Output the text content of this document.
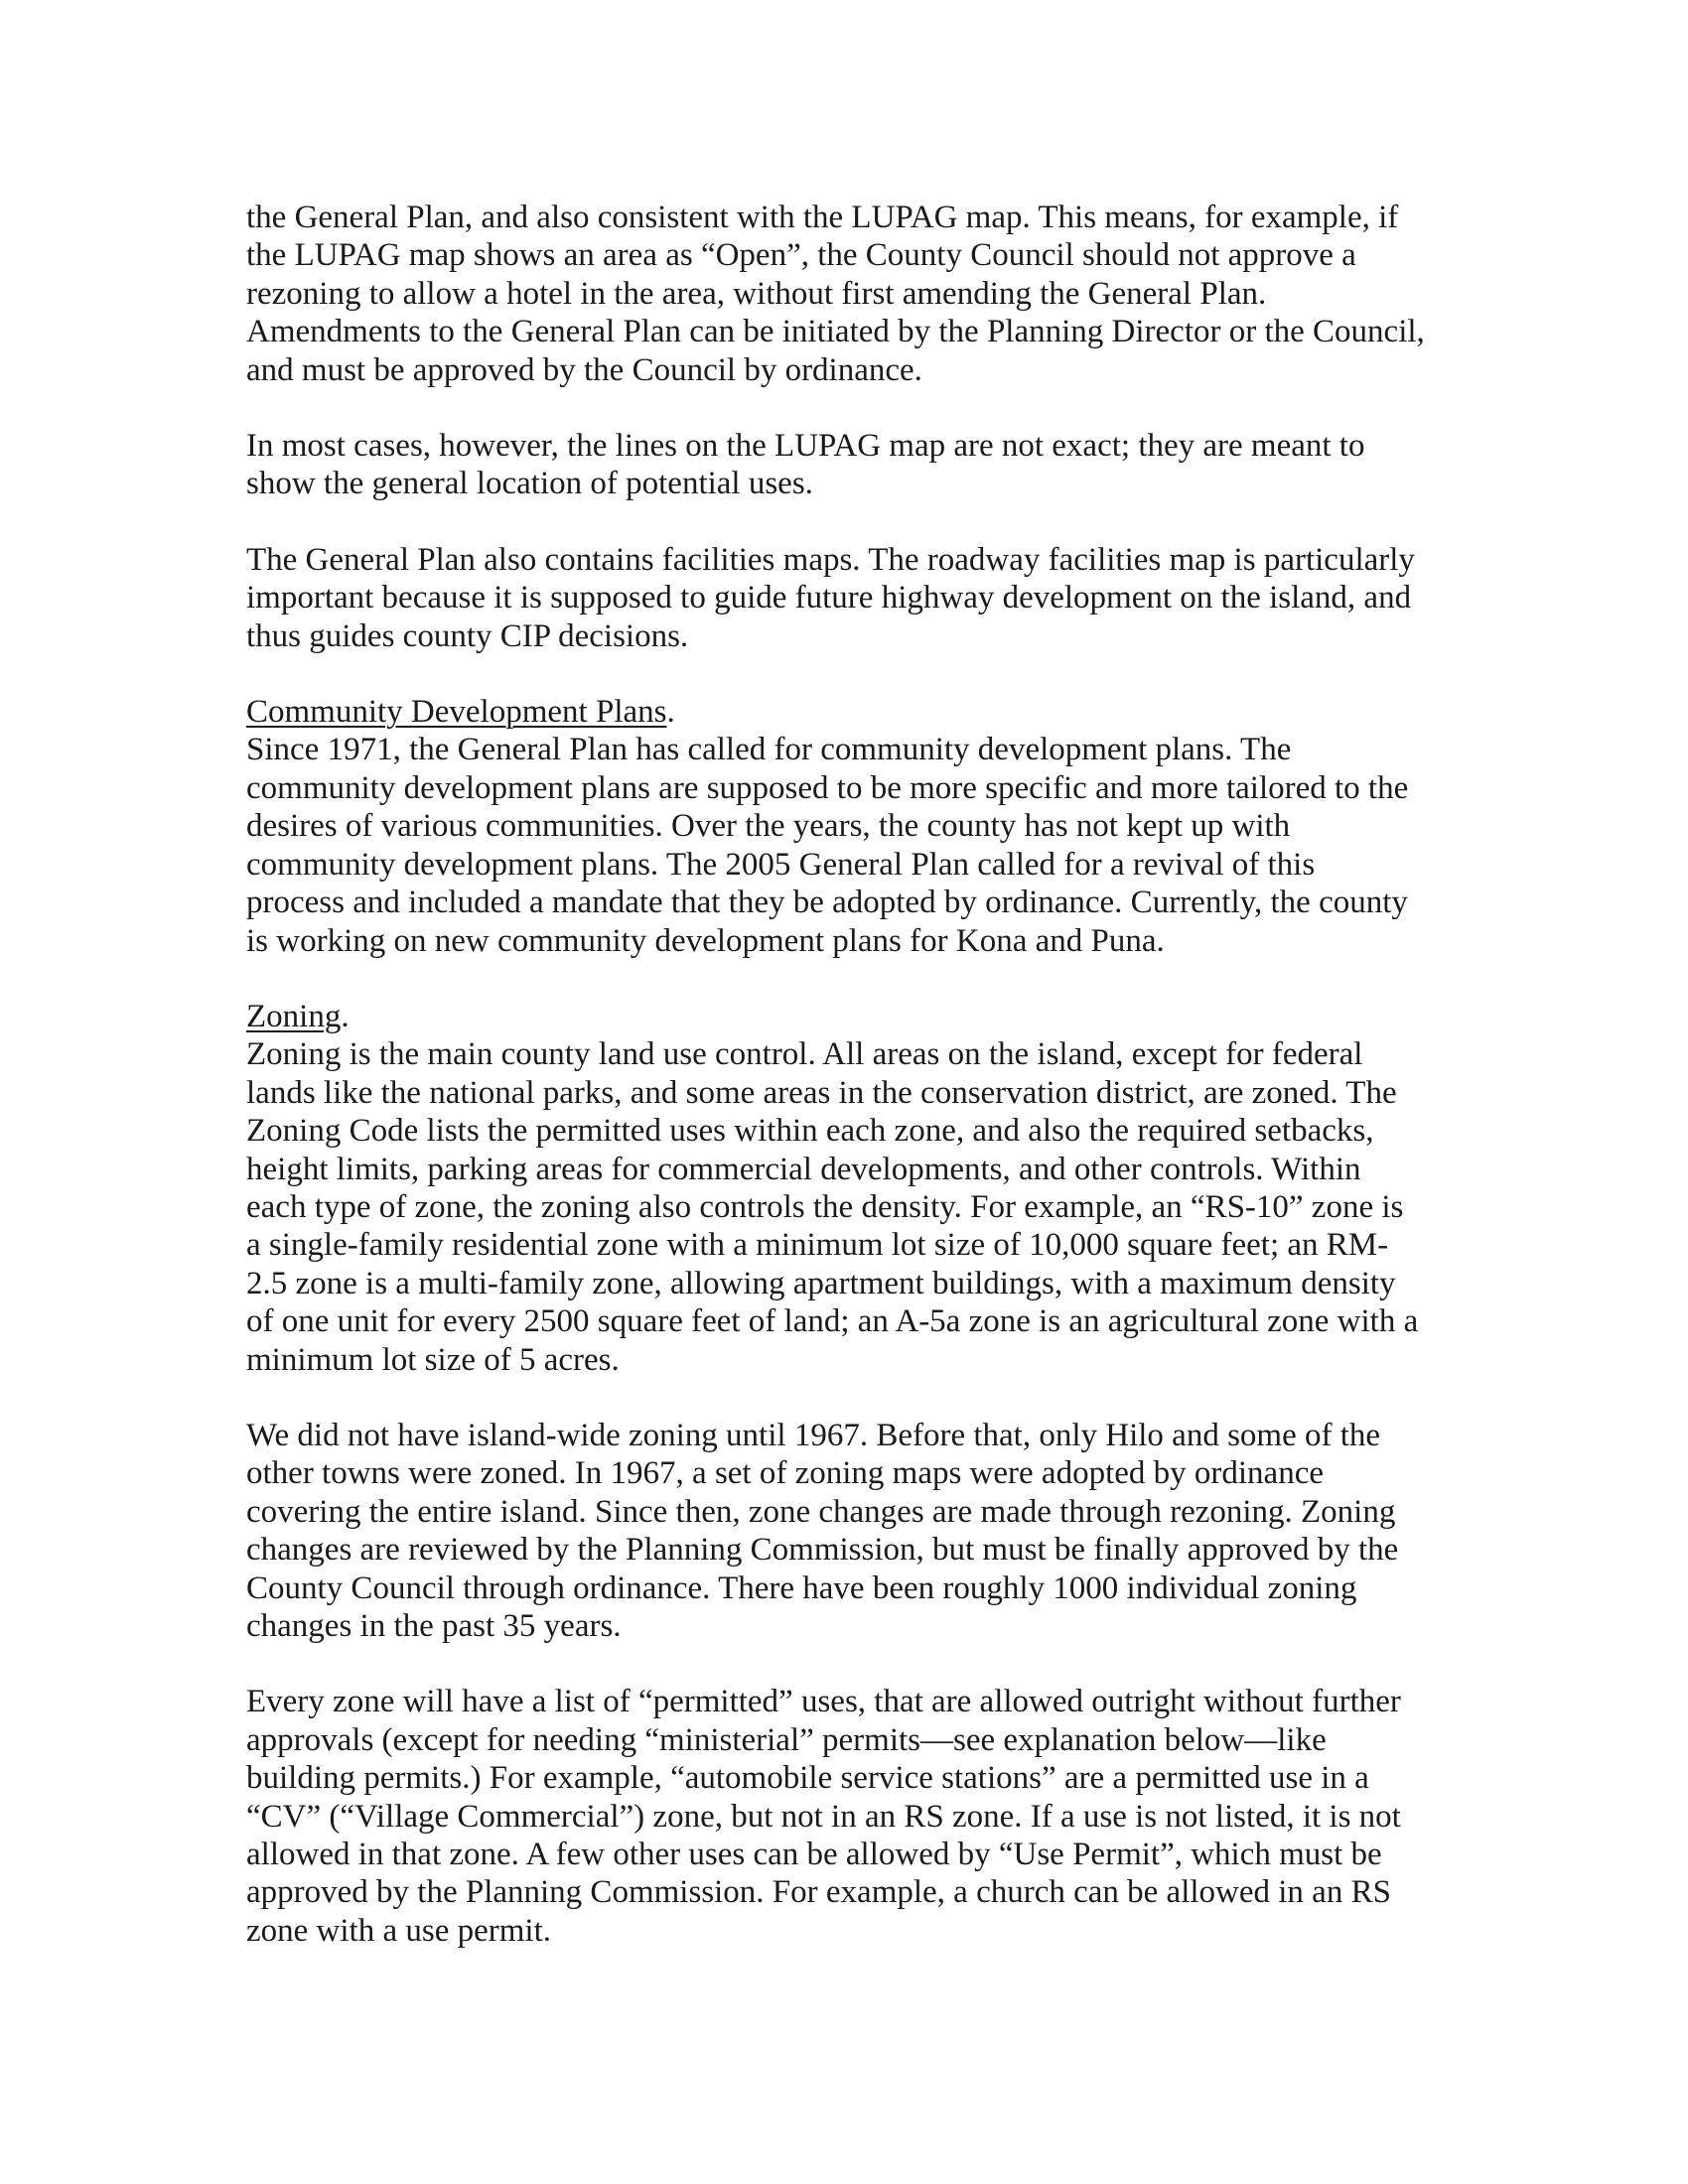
the General Plan, and also consistent with the LUPAG map. This means, for example, if
the LUPAG map shows an area as “Open”, the County Council should not approve a
rezoning to allow a hotel in the area, without first amending the General Plan.
Amendments to the General Plan can be initiated by the Planning Director or the Council,
and must be approved by the Council by ordinance.

In most cases, however, the lines on the LUPAG map are not exact; they are meant to
show the general location of potential uses.

The General Plan also contains facilities maps. The roadway facilities map is particularly
important because it is supposed to guide future highway development on the island, and
thus guides county CIP decisions.

Community Development Plans.

Since 1971, the General Plan has called for community development plans. The
community development plans are supposed to be more specific and more tailored to the
desires of various communities. Over the years, the county has not kept up with
community development plans. The 2005 General Plan called for a revival of this
process and included a mandate that they be adopted by ordinance. Currently, the county
is working on new community development plans for Kona and Puna.

Zoning.

Zoning is the main county land use control. All areas on the island, except for federal
lands like the national parks, and some areas in the conservation district, are zoned. The
Zoning Code lists the permitted uses within each zone, and also the required setbacks,
height limits, parking areas for commercial developments, and other controls. Within
each type of zone, the zoning also controls the density. For example, an “RS-10” zone is
a single-family residential zone with a minimum lot size of 10,000 square feet; an RM-
2.5 zone is a multi-family zone, allowing apartment buildings, with a maximum density
of one unit for every 2500 square feet of land; an A-5a zone is an agricultural zone with a
minimum lot size of 5 acres.

We did not have island-wide zoning until 1967. Before that, only Hilo and some of the
other towns were zoned. In 1967, a set of zoning maps were adopted by ordinance
covering the entire island. Since then, zone changes are made through rezoning. Zoning
changes are reviewed by the Planning Commission, but must be finally approved by the
County Council through ordinance. There have been roughly 1000 individual zoning
changes in the past 35 years.

Every zone will have a list of “permitted” uses, that are allowed outright without further
approvals (except for needing “ministerial” permits—see explanation below—like
building permits.) For example, “automobile service stations” are a permitted use in a
“CV” (“Village Commercial”) zone, but not in an RS zone. If a use is not listed, it is not
allowed in that zone. A few other uses can be allowed by “Use Permit”, which must be
approved by the Planning Commission. For example, a church can be allowed in an RS
zone with a use permit.
